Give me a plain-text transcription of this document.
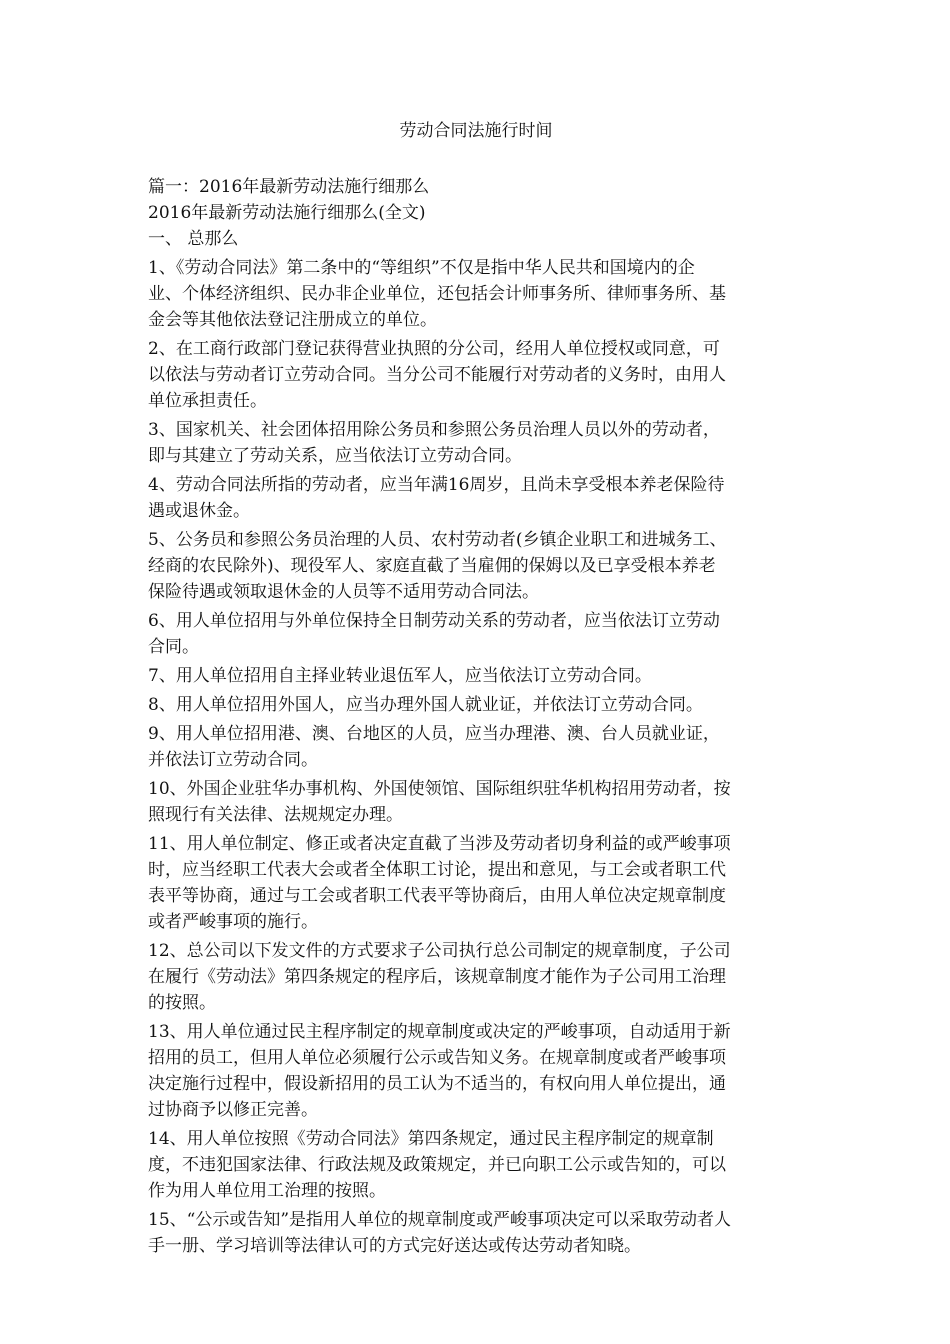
劳动合同法施行时间
篇一：2016年最新劳动法施行细那么
2016年最新劳动法施行细那么(全文)
一、 总那么
1、《劳动合同法》第二条中的“等组织”不仅是指中华人民共和国境内的企
业、个体经济组织、民办非企业单位，还包括会计师事务所、律师事务所、基
金会等其他依法登记注册成立的单位。
2、在工商行政部门登记获得营业执照的分公司，经用人单位授权或同意，可
以依法与劳动者订立劳动合同。当分公司不能履行对劳动者的义务时，由用人
单位承担责任。
3、国家机关、社会团体招用除公务员和参照公务员治理人员以外的劳动者，
即与其建立了劳动关系，应当依法订立劳动合同。
4、劳动合同法所指的劳动者，应当年满16周岁，且尚未享受根本养老保险待
遇或退休金。
5、公务员和参照公务员治理的人员、农村劳动者(乡镇企业职工和进城务工、
经商的农民除外)、现役军人、家庭直截了当雇佣的保姆以及已享受根本养老
保险待遇或领取退休金的人员等不适用劳动合同法。
6、用人单位招用与外单位保持全日制劳动关系的劳动者，应当依法订立劳动
合同。
7、用人单位招用自主择业转业退伍军人，应当依法订立劳动合同。
8、用人单位招用外国人，应当办理外国人就业证，并依法订立劳动合同。
9、用人单位招用港、澳、台地区的人员，应当办理港、澳、台人员就业证，
并依法订立劳动合同。
10、外国企业驻华办事机构、外国使领馆、国际组织驻华机构招用劳动者，按
照现行有关法律、法规规定办理。
11、用人单位制定、修正或者决定直截了当涉及劳动者切身利益的或严峻事项
时，应当经职工代表大会或者全体职工讨论，提出和意见，与工会或者职工代
表平等协商，通过与工会或者职工代表平等协商后，由用人单位决定规章制度
或者严峻事项的施行。
12、总公司以下发文件的方式要求子公司执行总公司制定的规章制度，子公司
在履行《劳动法》第四条规定的程序后，该规章制度才能作为子公司用工治理
的按照。
13、用人单位通过民主程序制定的规章制度或决定的严峻事项，自动适用于新
招用的员工，但用人单位必须履行公示或告知义务。在规章制度或者严峻事项
决定施行过程中，假设新招用的员工认为不适当的，有权向用人单位提出，通
过协商予以修正完善。
14、用人单位按照《劳动合同法》第四条规定，通过民主程序制定的规章制
度，不违犯国家法律、行政法规及政策规定，并已向职工公示或告知的，可以
作为用人单位用工治理的按照。
15、“公示或告知”是指用人单位的规章制度或严峻事项决定可以采取劳动者人
手一册、学习培训等法律认可的方式完好送达或传达劳动者知晓。
